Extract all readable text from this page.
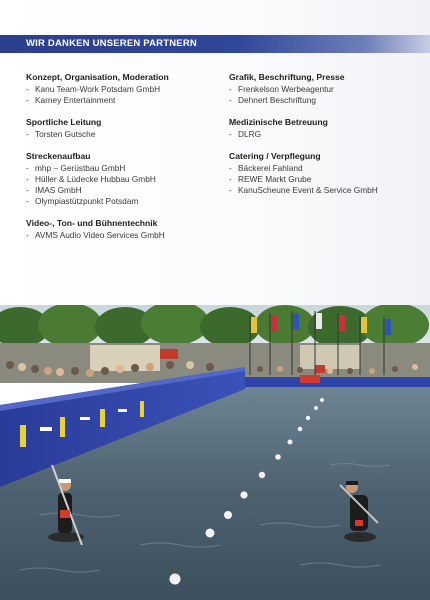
WIR DANKEN UNSEREN PARTNERN
Konzept, Organisation, Moderation
- Kanu Team-Work Potsdam GmbH
- Karney Entertainment
Sportliche Leitung
- Torsten Gutsche
Streckenaufbau
- mhp – Gerüstbau GmbH
- Hüller & Lüdecke Hubbau GmbH
- IMAS GmbH
- Olympiastützpunkt Potsdam
Video-, Ton- und Bühnentechnik
- AVMS Audio Video Services GmbH
Grafik, Beschriftung, Presse
- Frenkelson Werbeagentur
- Dehnert Beschriftung
Medizinische Betreuung
- DLRG
Catering / Verpflegung
- Bäckerei Fahland
- REWE Markt Grube
- KanuScheune Event & Service GmbH
